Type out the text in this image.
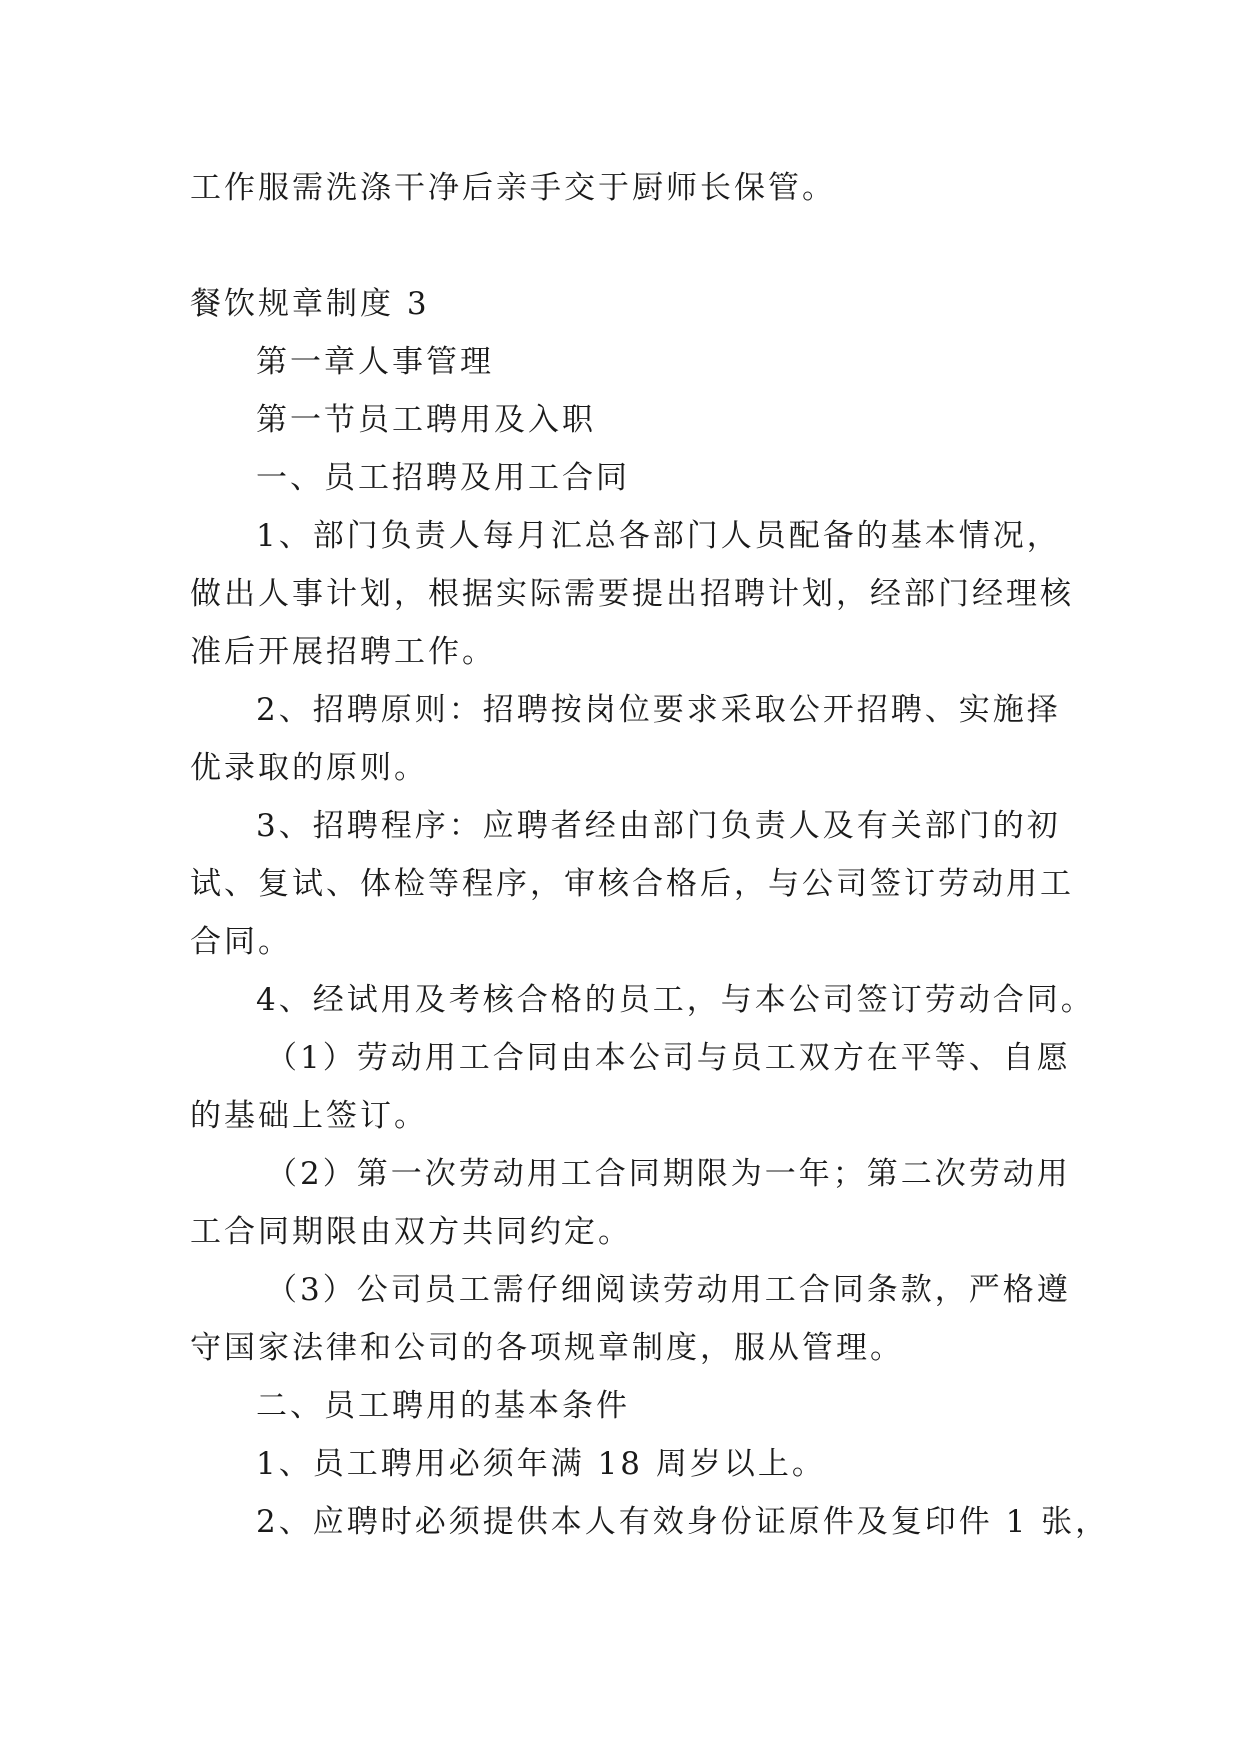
工作服需洗涤干净后亲手交于厨师长保管。
餐饮规章制度 3
第一章人事管理
第一节员工聘用及入职
一、员工招聘及用工合同
1、部门负责人每月汇总各部门人员配备的基本情况，
做出人事计划，根据实际需要提出招聘计划，经部门经理核
准后开展招聘工作。
2、招聘原则：招聘按岗位要求采取公开招聘、实施择
优录取的原则。
3、招聘程序：应聘者经由部门负责人及有关部门的初
试、复试、体检等程序，审核合格后，与公司签订劳动用工
合同。
4、经试用及考核合格的员工，与本公司签订劳动合同。
（1）劳动用工合同由本公司与员工双方在平等、自愿
的基础上签订。
（2）第一次劳动用工合同期限为一年；第二次劳动用
工合同期限由双方共同约定。
（3）公司员工需仔细阅读劳动用工合同条款，严格遵
守国家法律和公司的各项规章制度，服从管理。
二、员工聘用的基本条件
1、员工聘用必须年满 18 周岁以上。
2、应聘时必须提供本人有效身份证原件及复印件 1 张，
